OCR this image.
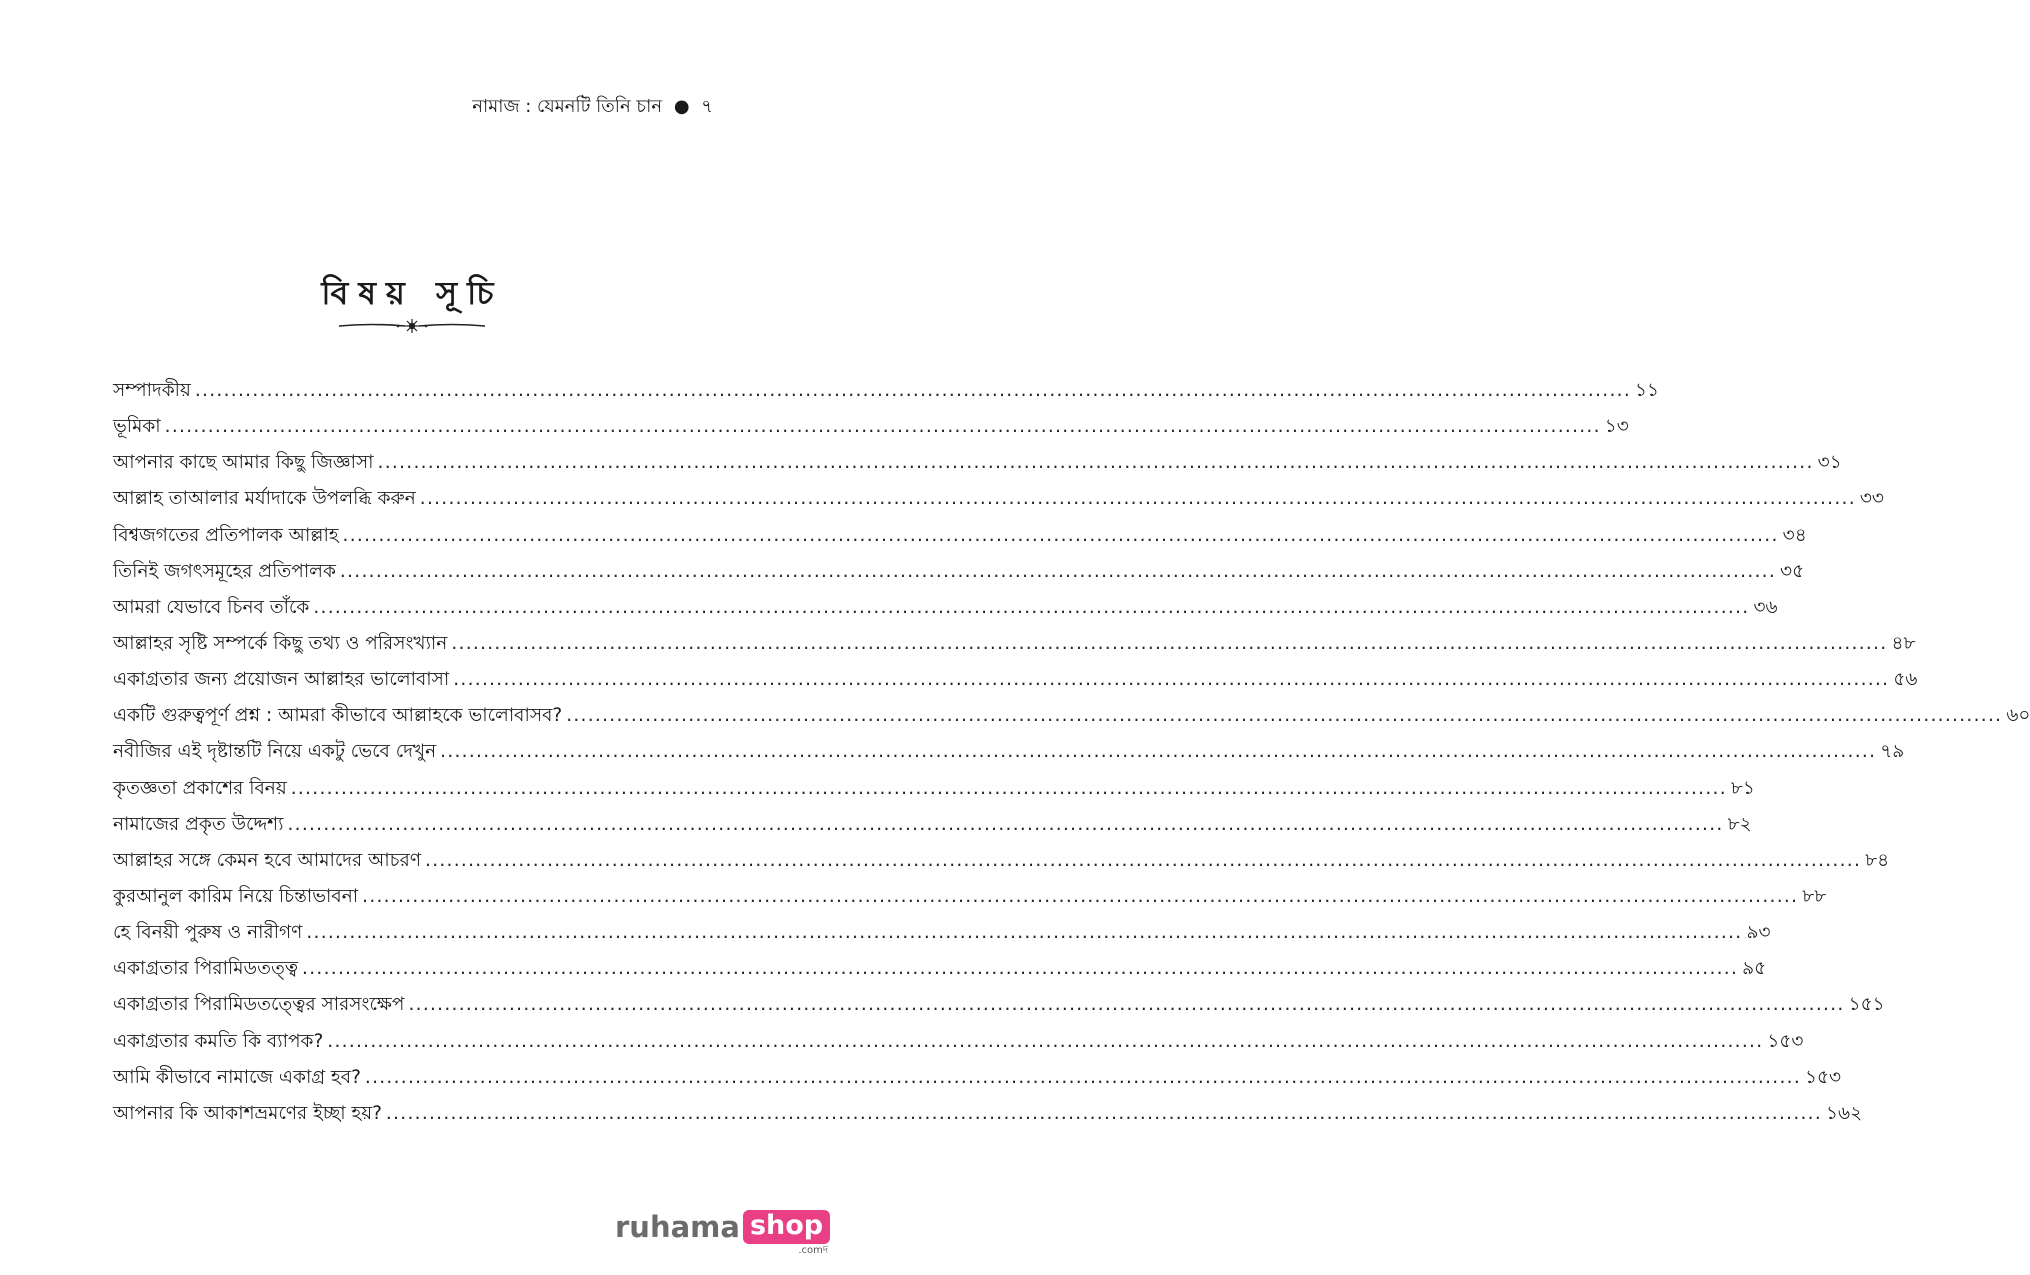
নামাজ : যেমনটি তিনি চান ● ৭
বিষয় সূচি
সম্পাদকীয় ........................................................................................................................................................................................................ ১১
ভূমিকা ........................................................................................................................................................................................................ ১৩
আপনার কাছে আমার কিছু জিজ্ঞাসা ........................................................................................................................................................................................................ ৩১
আল্লাহ তাআলার মর্যাদাকে উপলব্ধি করুন ........................................................................................................................................................................................................ ৩৩
বিশ্বজগতের প্রতিপালক আল্লাহ ........................................................................................................................................................................................................ ৩৪
তিনিই জগৎসমূহের প্রতিপালক ........................................................................................................................................................................................................ ৩৫
আমরা যেভাবে চিনব তাঁকে ........................................................................................................................................................................................................ ৩৬
আল্লাহর সৃষ্টি সম্পর্কে কিছু তথ্য ও পরিসংখ্যান ........................................................................................................................................................................................................ ৪৮
একাগ্রতার জন্য প্রয়োজন আল্লাহর ভালোবাসা ........................................................................................................................................................................................................ ৫৬
একটি গুরুত্বপূর্ণ প্রশ্ন : আমরা কীভাবে আল্লাহকে ভালোবাসব? ........................................................................................................................................................................................................ ৬০
নবীজির এই দৃষ্টান্তটি নিয়ে একটু ভেবে দেখুন ........................................................................................................................................................................................................ ৭৯
কৃতজ্ঞতা প্রকাশের বিনয় ........................................................................................................................................................................................................ ৮১
নামাজের প্রকৃত উদ্দেশ্য ........................................................................................................................................................................................................ ৮২
আল্লাহর সঙ্গে কেমন হবে আমাদের আচরণ ........................................................................................................................................................................................................ ৮৪
কুরআনুল কারিম নিয়ে চিন্তাভাবনা ........................................................................................................................................................................................................ ৮৮
হে বিনয়ী পুরুষ ও নারীগণ ........................................................................................................................................................................................................ ৯৩
একাগ্রতার পিরামিডতত্ত্ব ........................................................................................................................................................................................................ ৯৫
একাগ্রতার পিরামিডতত্ত্বের সারসংক্ষেপ ........................................................................................................................................................................................................ ১৫১
একাগ্রতার কমতি কি ব্যাপক? ........................................................................................................................................................................................................ ১৫৩
আমি কীভাবে নামাজে একাগ্র হব? ........................................................................................................................................................................................................ ১৫৩
আপনার কি আকাশভ্রমণের ইচ্ছা হয়? ........................................................................................................................................................................................................ ১৬২
ruhama shop
.comদ
